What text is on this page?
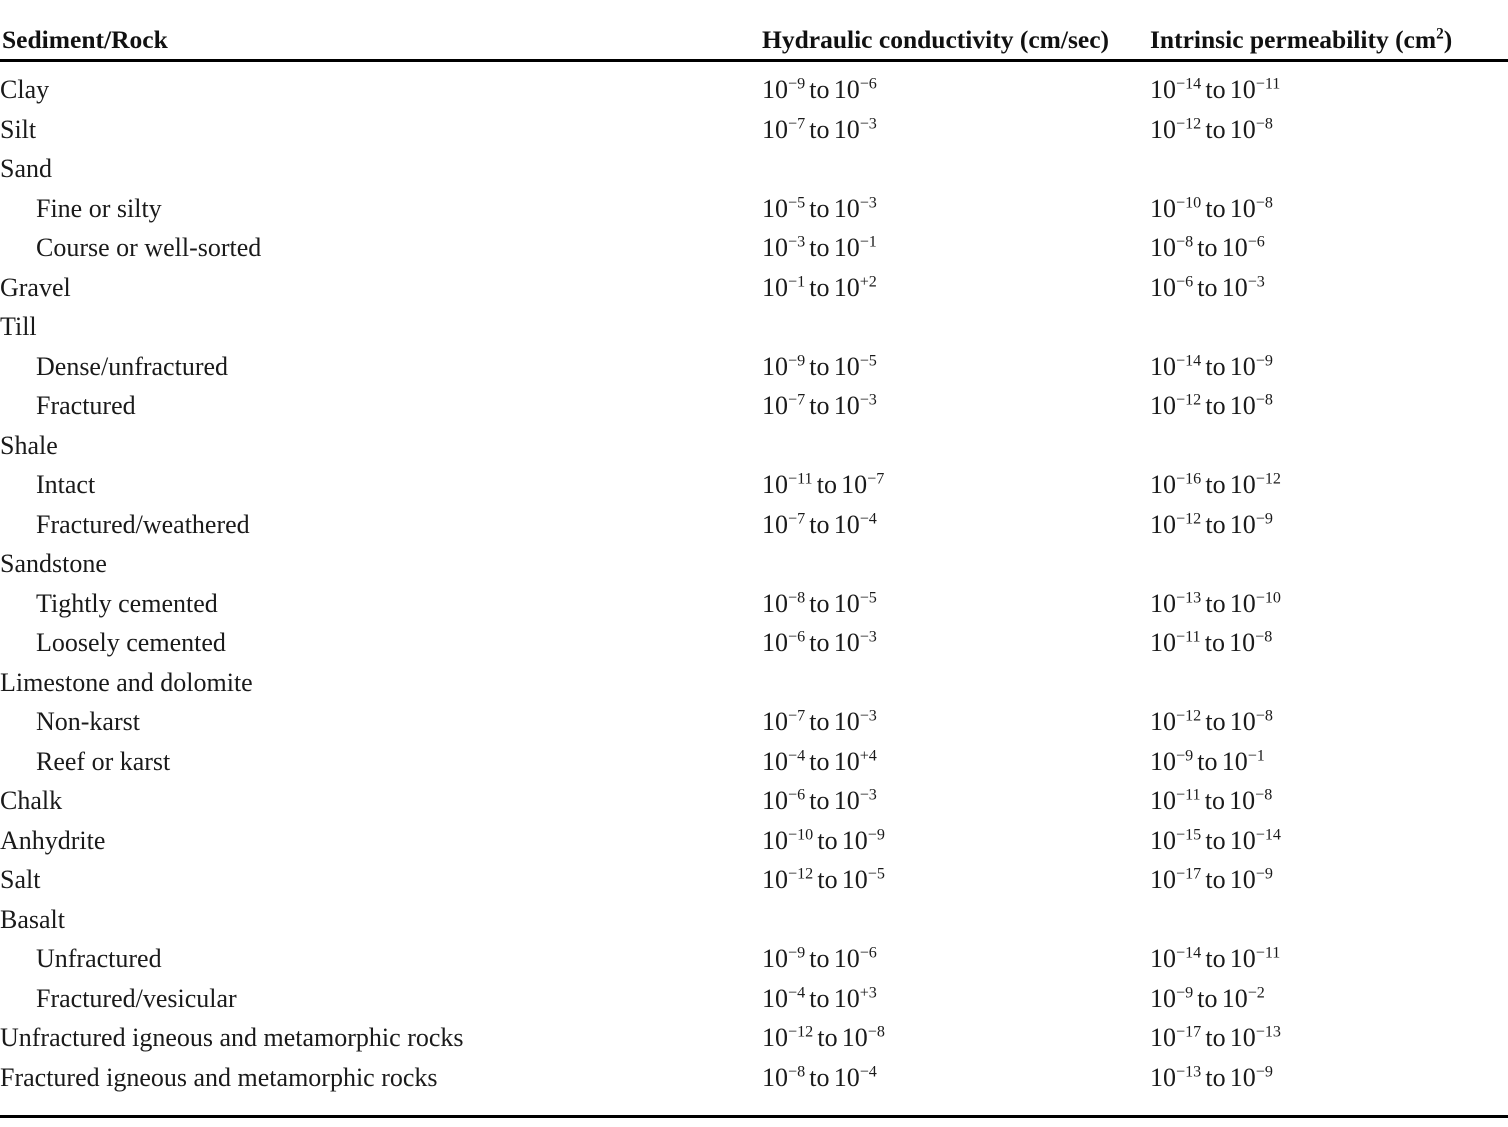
Sediment/Rock	Hydraulic conductivity (cm/sec)	Intrinsic permeability $(cm^2)$

Clay	$10^{-9}$ to $10^{-6}$	$10^{-14}$ to $10^{-11}$
Silt	$10^{-7}$ to $10^{-3}$	$10^{-12}$ to $10^{-8}$
Sand		
Fine or silty	$10^{-5}$ to $10^{-3}$	$10^{-10}$ to $10^{-8}$
Course or well-sorted	$10^{-3}$ to $10^{-1}$	$10^{-8}$ to $10^{-6}$
Gravel	$10^{-1}$ to $10^{+2}$	$10^{-6}$ to $10^{-3}$
Till		
Dense/unfractured	$10^{-9}$ to $10^{-5}$	$10^{-14}$ to $10^{-9}$
Fractured	$10^{-7}$ to $10^{-3}$	$10^{-12}$ to $10^{-8}$
Shale		
Intact	$10^{-11}$ to $10^{-7}$	$10^{-16}$ to $10^{-12}$
Fractured/weathered	$10^{-7}$ to $10^{-4}$	$10^{-12}$ to $10^{-9}$
Sandstone		
Tightly cemented	$10^{-8}$ to $10^{-5}$	$10^{-13}$ to $10^{-10}$
Loosely cemented	$10^{-6}$ to $10^{-3}$	$10^{-11}$ to $10^{-8}$
Limestone and dolomite		
Non-karst	$10^{-7}$ to $10^{-3}$	$10^{-12}$ to $10^{-8}$
Reef or karst	$10^{-4}$ to $10^{+4}$	$10^{-9}$ to $10^{-1}$
Chalk	$10^{-6}$ to $10^{-3}$	$10^{-11}$ to $10^{-8}$
Anhydrite	$10^{-10}$ to $10^{-9}$	$10^{-15}$ to $10^{-14}$
Salt	$10^{-12}$ to $10^{-5}$	$10^{-17}$ to $10^{-9}$
Basalt		
Unfractured	$10^{-9}$ to $10^{-6}$	$10^{-14}$ to $10^{-11}$
Fractured/vesicular	$10^{-4}$ to $10^{+3}$	$10^{-9}$ to $10^{-2}$
Unfractured igneous and metamorphic rocks	$10^{-12}$ to $10^{-8}$	$10^{-17}$ to $10^{-13}$
Fractured igneous and metamorphic rocks	$10^{-8}$ to $10^{-4}$	$10^{-13}$ to $10^{-9}$
